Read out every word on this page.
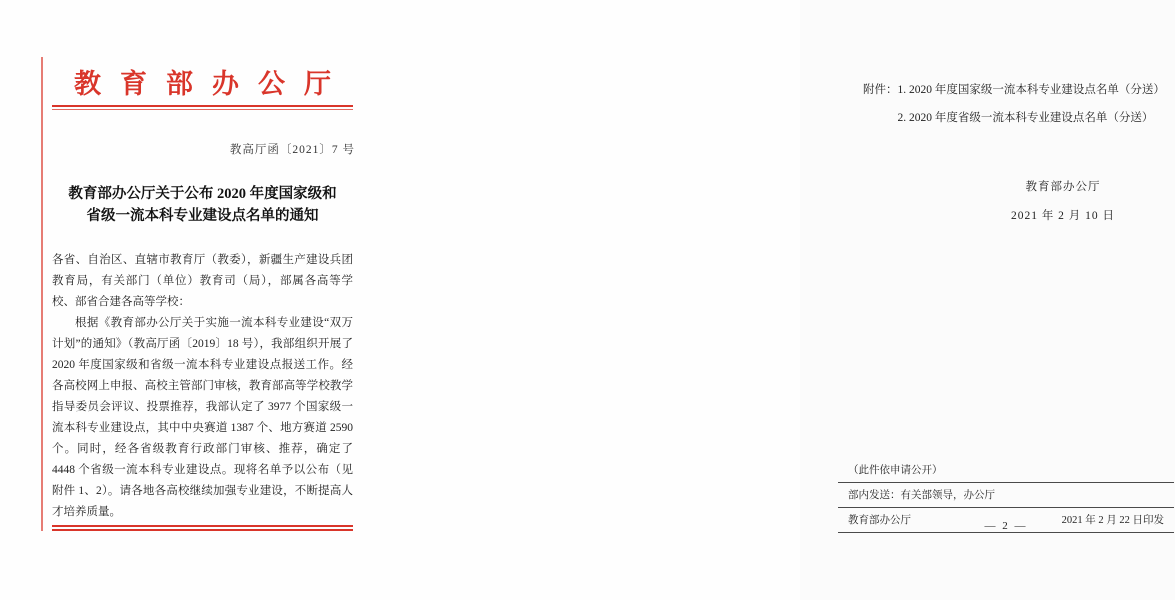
教育部办公厅
教高厅函〔2021〕7 号
教育部办公厅关于公布 2020 年度国家级和
省级一流本科专业建设点名单的通知

各省、自治区、直辖市教育厅（教委），新疆生产建设兵团教育局，有关部门（单位）教育司（局），部属各高等学校、部省合建各高等学校：

根据《教育部办公厅关于实施一流本科专业建设“双万计划”的通知》（教高厅函〔2019〕18 号），我部组织开展了 2020 年度国家级和省级一流本科专业建设点报送工作。经各高校网上申报、高校主管部门审核，教育部高等学校教学指导委员会评议、投票推荐，我部认定了 3977 个国家级一流本科专业建设点，其中中央赛道 1387 个、地方赛道 2590 个。同时，经各省级教育行政部门审核、推荐，确定了 4448 个省级一流本科专业建设点。现将名单予以公布（见附件 1、2）。请各地各高校继续加强专业建设，不断提高人才培养质量。

附件： 1. 2020 年度国家级一流本科专业建设点名单（分送）
2. 2020 年度省级一流本科专业建设点名单（分送）
教育部办公厅
2021 年 2 月 10 日
（此件依申请公开）
部内发送：有关部领导，办公厅
教育部办公厅	2021 年 2 月 22 日印发
— 2 —
